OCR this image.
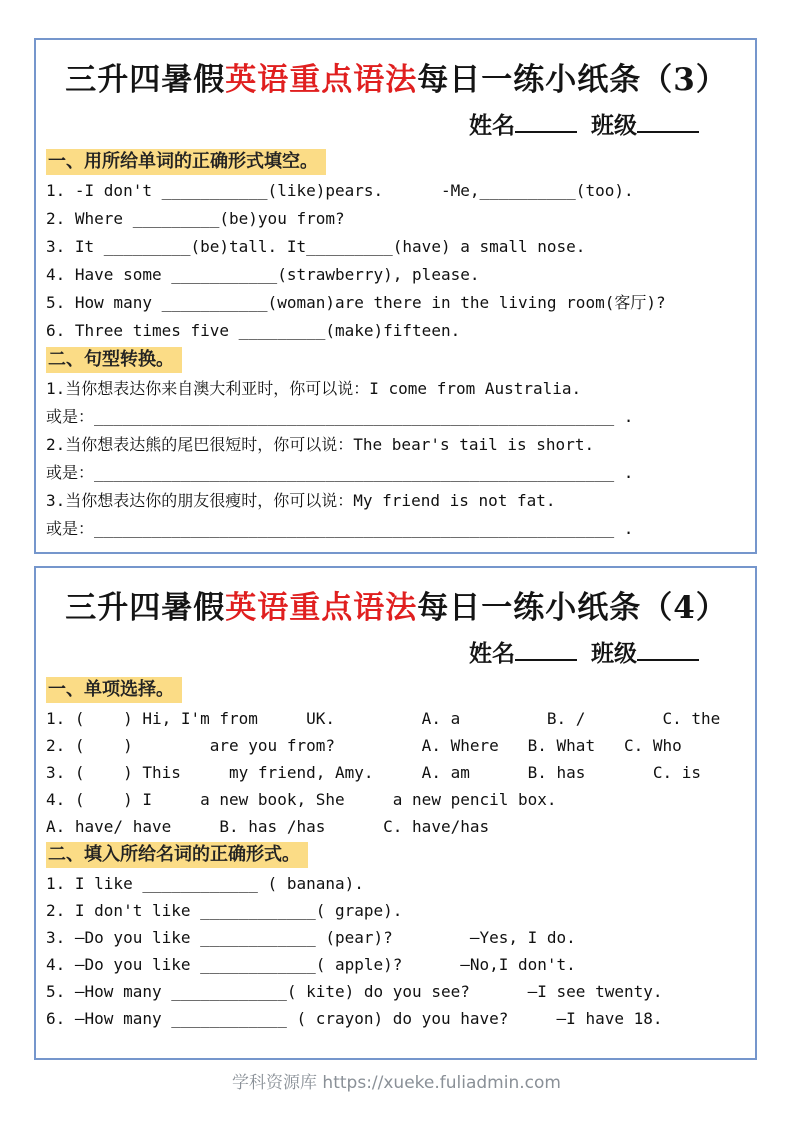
三升四暑假英语重点语法每日一练小纸条（3）
姓名	班级
一、用所给单词的正确形式填空。
1. -I don't ___________(like)pears.      -Me,__________(too).
2. Where _________(be)you from?
3. It _________(be)tall. It_________(have) a small nose.
4. Have some ___________(strawberry), please.
5. How many ___________(woman)are there in the living room(客厅)?
6. Three times five _________(make)fifteen.
二、句型转换。
1.当你想表达你来自澳大利亚时，你可以说：I come from Australia.
或是：______________________________________________________ .
2.当你想表达熊的尾巴很短时，你可以说：The bear's tail is short.
或是：______________________________________________________ .
3.当你想表达你的朋友很瘦时，你可以说：My friend is not fat.
或是：______________________________________________________ .
三升四暑假英语重点语法每日一练小纸条（4）
姓名	班级
一、单项选择。
1. (    ) Hi, I'm from     UK.         A. a         B. /        C. the
2. (    )        are you from?         A. Where   B. What   C. Who
3. (    ) This     my friend, Amy.     A. am      B. has       C. is
4. (    ) I     a new book, She     a new pencil box.
A. have/ have     B. has /has      C. have/has
二、填入所给名词的正确形式。
1. I like ____________ ( banana).
2. I don't like ____________( grape).
3. —Do you like ____________ (pear)?        —Yes, I do.
4. —Do you like ____________( apple)?      —No,I don't.
5. —How many ____________( kite) do you see?      —I see twenty.
6. —How many ____________ ( crayon) do you have?     —I have 18.
学科资源库 https://xueke.fuliadmin.com
